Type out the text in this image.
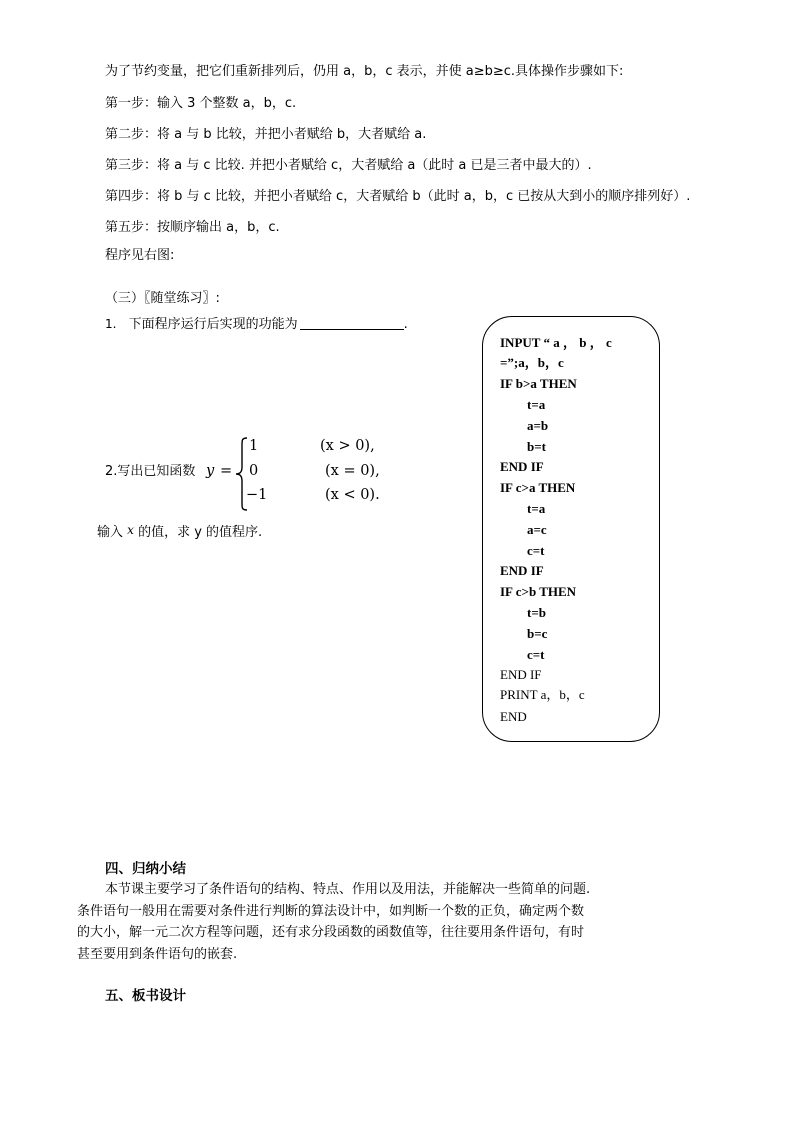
为了节约变量，把它们重新排列后，仍用 a，b，c 表示，并使 a≥b≥c.具体操作步骤如下:
第一步：输入 3 个整数 a，b，c.
第二步：将 a 与 b 比较，并把小者赋给 b，大者赋给 a.
第三步：将 a 与 c 比较. 并把小者赋给 c，大者赋给 a（此时 a 已是三者中最大的）.
第四步：将 b 与 c 比较，并把小者赋给 c，大者赋给 b（此时 a，b，c 已按从大到小的顺序排列好）.
第五步：按顺序输出 a，b，c.
程序见右图:
（三）〖随堂练习〗:
1. 下面程序运行后实现的功能为	.
2.写出已知函数 y =
1	(x > 0),
0	(x = 0),
−1	(x < 0).
输入 x 的值，求 y 的值程序.
INPUT “ a ， b ， c
=”;a，b，c
IF b>a THEN
t=a
a=b
b=t
END IF
IF c>a THEN
t=a
a=c
c=t
END IF
IF c>b THEN
t=b
b=c
c=t
END IF
PRINT a，b，c
END
四、归纳小结
本节课主要学习了条件语句的结构、特点、作用以及用法，并能解决一些简单的问题.
条件语句一般用在需要对条件进行判断的算法设计中，如判断一个数的正负，确定两个数
的大小，解一元二次方程等问题，还有求分段函数的函数值等，往往要用条件语句，有时
甚至要用到条件语句的嵌套.
五、板书设计
